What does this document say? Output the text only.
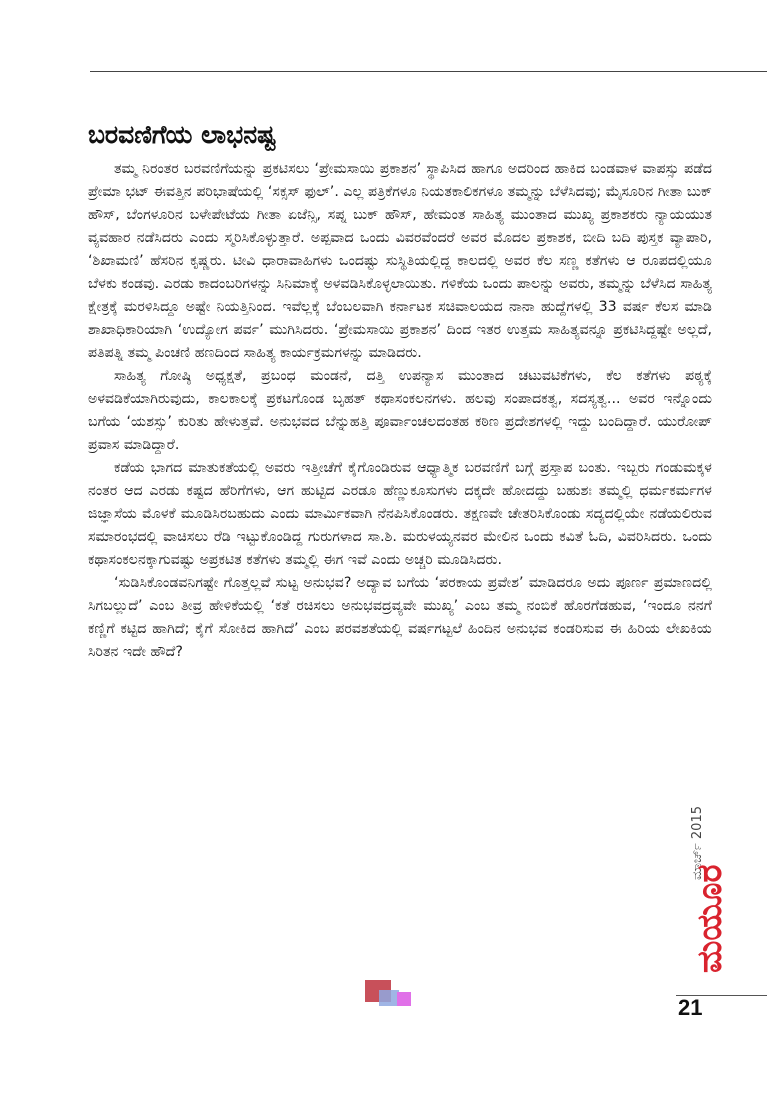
ಬರವಣಿಗೆಯ ಲಾಭನಷ್ಟ

ತಮ್ಮ ನಿರಂತರ ಬರವಣಿಗೆಯನ್ನು ಪ್ರಕಟಿಸಲು ‘ಪ್ರೇಮಸಾಯಿ ಪ್ರಕಾಶನ’ ಸ್ಥಾಪಿಸಿದ ಹಾಗೂ ಅದರಿಂದ ಹಾಕಿದ ಬಂಡವಾಳ ವಾಪಸ್ಸು ಪಡೆದ ಪ್ರೇಮಾ ಭಟ್ ಈವತ್ತಿನ ಪರಿಭಾಷೆಯಲ್ಲಿ ‘ಸಕ್ಸಸ್ ಫುಲ್’. ಎಲ್ಲ ಪತ್ರಿಕೆಗಳೂ ನಿಯತಕಾಲಿಕಗಳೂ ತಮ್ಮನ್ನು ಬೆಳೆಸಿದವು; ಮೈಸೂರಿನ ಗೀತಾ ಬುಕ್ ಹೌಸ್, ಬೆಂಗಳೂರಿನ ಬಳೇಪೇಟೆಯ ಗೀತಾ ಏಜೆನ್ಸಿ, ಸಪ್ನ ಬುಕ್ ಹೌಸ್, ಹೇಮಂತ ಸಾಹಿತ್ಯ ಮುಂತಾದ ಮುಖ್ಯ ಪ್ರಕಾಶಕರು ನ್ಯಾಯಯುತ ವ್ಯವಹಾರ ನಡೆಸಿದರು ಎಂದು ಸ್ಮರಿಸಿಕೊಳ್ಳುತ್ತಾರೆ. ಅಪ್ಪವಾದ ಒಂದು ವಿವರವೆಂದರೆ ಅವರ ಮೊದಲ ಪ್ರಕಾಶಕ, ಬೀದಿ ಬದಿ ಪುಸ್ತಕ ವ್ಯಾಪಾರಿ, ‘ಶಿಖಾಮಣಿ’ ಹೆಸರಿನ ಕೃಷ್ಣರು. ಟೀವಿ ಧಾರಾವಾಹಿಗಳು ಒಂದಷ್ಟು ಸುಸ್ಥಿತಿಯಲ್ಲಿದ್ದ ಕಾಲದಲ್ಲಿ ಅವರ ಕೆಲ ಸಣ್ಣ ಕತೆಗಳು ಆ ರೂಪದಲ್ಲಿಯೂ ಬೆಳಕು ಕಂಡವು. ಎರಡು ಕಾದಂಬರಿಗಳನ್ನು ಸಿನಿಮಾಕ್ಕೆ ಅಳವಡಿಸಿಕೊಳ್ಳಲಾಯಿತು. ಗಳಿಕೆಯ ಒಂದು ಪಾಲನ್ನು ಅವರು, ತಮ್ಮನ್ನು ಬೆಳೆಸಿದ ಸಾಹಿತ್ಯ ಕ್ಷೇತ್ರಕ್ಕೆ ಮರಳಿಸಿದ್ದೂ ಅಷ್ಟೇ ನಿಯತ್ತಿನಿಂದ. ಇವೆಲ್ಲಕ್ಕೆ ಬೆಂಬಲವಾಗಿ ಕರ್ನಾಟಕ ಸಚಿವಾಲಯದ ನಾನಾ ಹುದ್ದೆಗಳಲ್ಲಿ 33 ವರ್ಷ ಕೆಲಸ ಮಾಡಿ ಶಾಖಾಧಿಕಾರಿಯಾಗಿ ‘ಉದ್ಯೋಗ ಪರ್ವ’ ಮುಗಿಸಿದರು. ‘ಪ್ರೇಮಸಾಯಿ ಪ್ರಕಾಶನ’ ದಿಂದ ಇತರ ಉತ್ತಮ ಸಾಹಿತ್ಯವನ್ನೂ ಪ್ರಕಟಿಸಿದ್ದಷ್ಟೇ ಅಲ್ಲದೆ, ಪತಿಪತ್ನಿ ತಮ್ಮ ಪಿಂಚಣಿ ಹಣದಿಂದ ಸಾಹಿತ್ಯ ಕಾರ್ಯಕ್ರಮಗಳನ್ನು ಮಾಡಿದರು.

ಸಾಹಿತ್ಯ ಗೋಷ್ಠಿ ಅಧ್ಯಕ್ಷತೆ, ಪ್ರಬಂಧ ಮಂಡನೆ, ದತ್ತಿ ಉಪನ್ಯಾಸ ಮುಂತಾದ ಚಟುವಟಿಕೆಗಳು, ಕೆಲ ಕತೆಗಳು ಪಠ್ಯಕ್ಕೆ ಅಳವಡಿಕೆಯಾಗಿರುವುದು, ಕಾಲಕಾಲಕ್ಕೆ ಪ್ರಕಟಗೊಂಡ ಬೃಹತ್ ಕಥಾಸಂಕಲನಗಳು. ಹಲವು ಸಂಪಾದಕತ್ವ, ಸದಸ್ಯತ್ವ... ಅವರ ಇನ್ನೊಂದು ಬಗೆಯ ‘ಯಶಸ್ಸು’ ಕುರಿತು ಹೇಳುತ್ತವೆ. ಅನುಭವದ ಬೆನ್ನುಹತ್ತಿ ಪೂರ್ವಾಂಚಲದಂತಹ ಕಠಿಣ ಪ್ರದೇಶಗಳಲ್ಲಿ ಇದ್ದು ಬಂದಿದ್ದಾರೆ. ಯುರೋಪ್ ಪ್ರವಾಸ ಮಾಡಿದ್ದಾರೆ.

ಕಡೆಯ ಭಾಗದ ಮಾತುಕತೆಯಲ್ಲಿ ಅವರು ಇತ್ತೀಚೆಗೆ ಕೈಗೊಂಡಿರುವ ಆಧ್ಯಾತ್ಮಿಕ ಬರವಣಿಗೆ ಬಗ್ಗೆ ಪ್ರಸ್ತಾಪ ಬಂತು. ಇಬ್ಬರು ಗಂಡುಮಕ್ಕಳ ನಂತರ ಆದ ಎರಡು ಕಷ್ಟದ ಹೆರಿಗೆಗಳು, ಆಗ ಹುಟ್ಟಿದ ಎರಡೂ ಹೆಣ್ಣುಕೂಸುಗಳು ದಕ್ಕದೇ ಹೋದದ್ದು ಬಹುಶಃ ತಮ್ಮಲ್ಲಿ ಧರ್ಮಕರ್ಮಗಳ ಜಿಜ್ಞಾಸೆಯ ಮೊಳಕೆ ಮೂಡಿಸಿರಬಹುದು ಎಂದು ಮಾರ್ಮಿಕವಾಗಿ ನೆನಪಿಸಿಕೊಂಡರು. ತಕ್ಷಣವೇ ಚೇತರಿಸಿಕೊಂಡು ಸದ್ಯದಲ್ಲಿಯೇ ನಡೆಯಲಿರುವ ಸಮಾರಂಭದಲ್ಲಿ ವಾಚಿಸಲು ರೆಡಿ ಇಟ್ಟುಕೊಂಡಿದ್ದ ಗುರುಗಳಾದ ಸಾ.ಶಿ. ಮರುಳಯ್ಯನವರ ಮೇಲಿನ ಒಂದು ಕವಿತೆ ಓದಿ, ವಿವರಿಸಿದರು. ಒಂದು ಕಥಾಸಂಕಲನಕ್ಕಾಗುವಷ್ಟು ಅಪ್ರಕಟಿತ ಕತೆಗಳು ತಮ್ಮಲ್ಲಿ ಈಗ ಇವೆ ಎಂದು ಅಚ್ಚರಿ ಮೂಡಿಸಿದರು.

‘ಸುಡಿಸಿಕೊಂಡವನಿಗಷ್ಟೇ ಗೊತ್ತಲ್ಲವೆ ಸುಟ್ಟ ಅನುಭವ? ಅದ್ಯಾವ ಬಗೆಯ ‘ಪರಕಾಯ ಪ್ರವೇಶ’ ಮಾಡಿದರೂ ಅದು ಪೂರ್ಣ ಪ್ರಮಾಣದಲ್ಲಿ ಸಿಗಬಲ್ಲುದೆ’ ಎಂಬ ತೀವ್ರ ಹೇಳಿಕೆಯಲ್ಲಿ ‘ಕತೆ ರಚಿಸಲು ಅನುಭವದ್ರವ್ಯವೇ ಮುಖ್ಯ’ ಎಂಬ ತಮ್ಮ ನಂಬಿಕೆ ಹೊರಗೆಡಹುವ, ‘ಇಂದೂ ನನಗೆ ಕಣ್ಣಿಗೆ ಕಟ್ಟಿದ ಹಾಗಿದೆ; ಕೈಗೆ ಸೋಕಿದ ಹಾಗಿದೆ’ ಎಂಬ ಪರವಶತೆಯಲ್ಲಿ ವರ್ಷಗಟ್ಟಲೆ ಹಿಂದಿನ ಅನುಭವ ಕಂಡರಿಸುವ ಈ ಹಿರಿಯ ಲೇಖಕಿಯ ಸಿರಿತನ ಇದೇ ಹೌದೆ?

ಮಾರ್ಚ್ 2015
ಮಯೂರ
21
